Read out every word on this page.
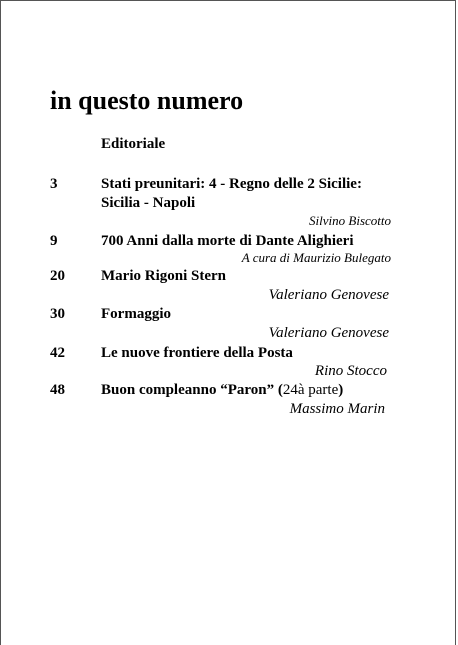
in questo numero
Editoriale
3	Stati preunitari: 4 - Regno delle 2 Sicilie:
Sicilia - Napoli
Silvino Biscotto
9	700 Anni dalla morte di Dante Alighieri
A cura di Maurizio Bulegato
20 Mario Rigoni Stern
Valeriano Genovese
30 Formaggio
Valeriano Genovese
42 Le nuove frontiere della Posta
Rino Stocco
48 Buon compleanno “Paron” (24à parte)
Massimo Marin
